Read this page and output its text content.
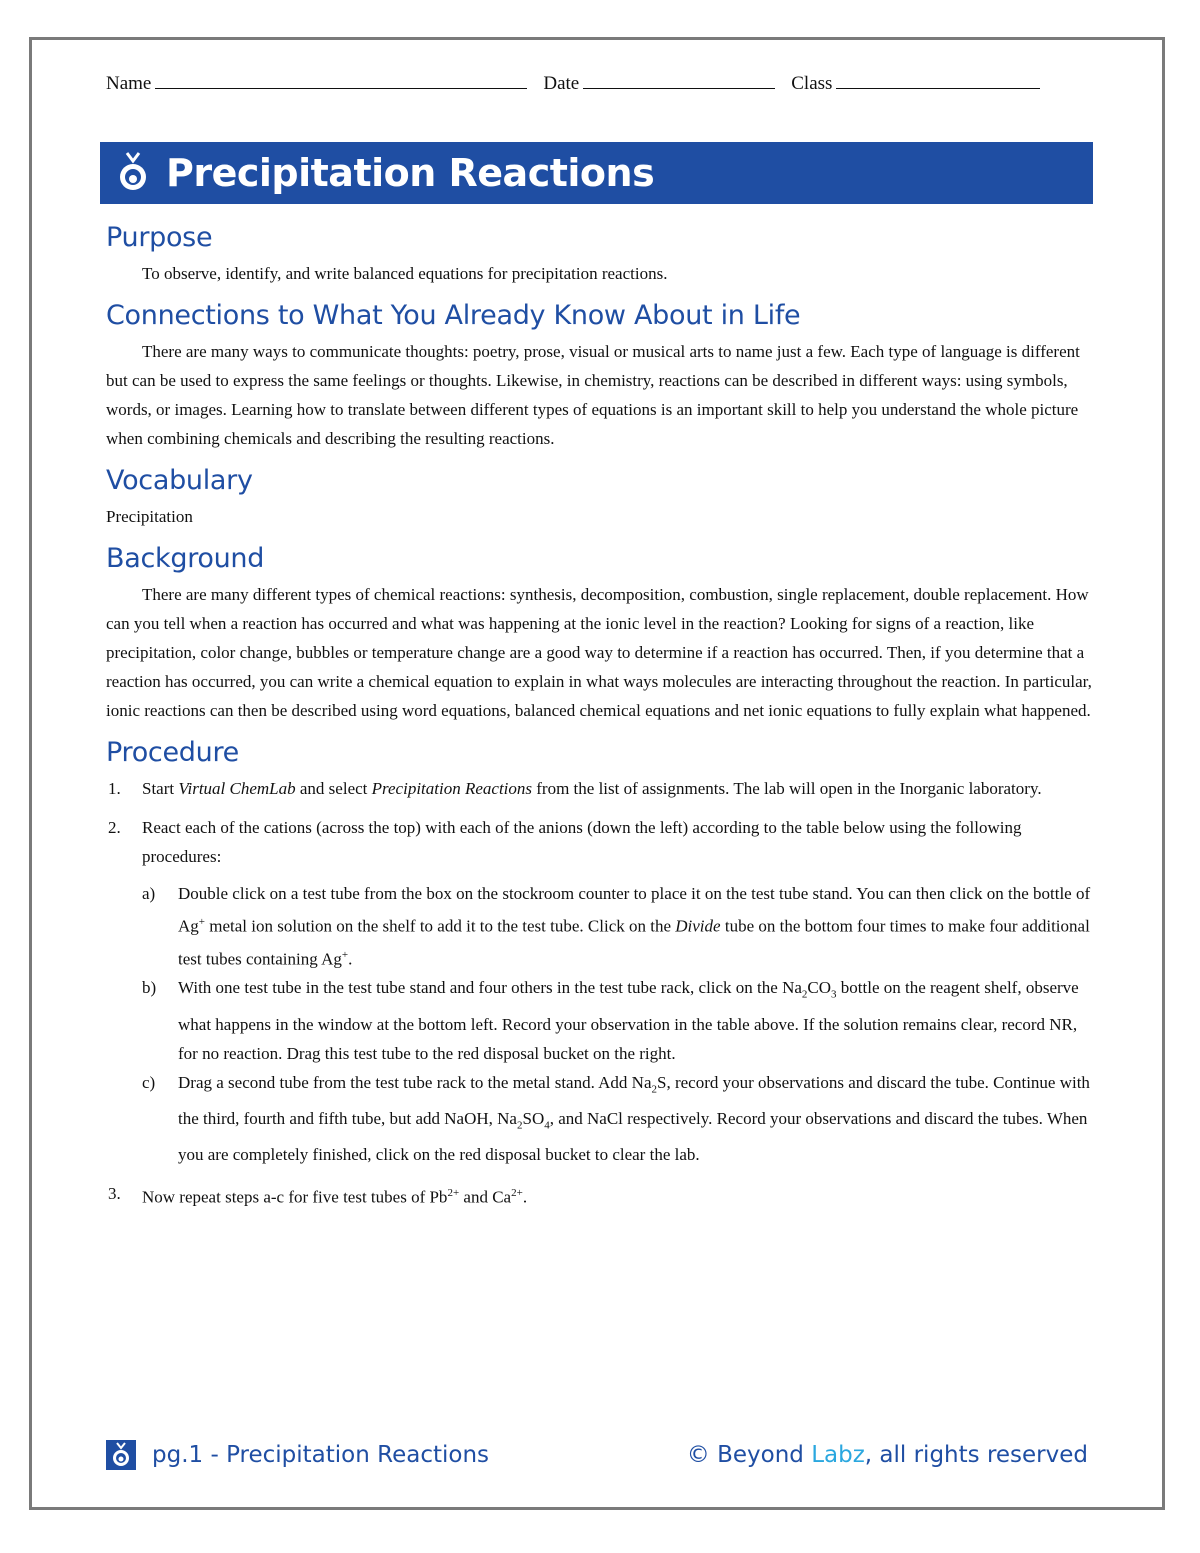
Name	Date	Class
Precipitation Reactions
Purpose

To observe, identify, and write balanced equations for precipitation reactions.

Connections to What You Already Know About in Life

There are many ways to communicate thoughts: poetry, prose, visual or musical arts to name just a few. Each type of language is different but can be used to express the same feelings or thoughts. Likewise, in chemistry, reactions can be described in different ways: using symbols, words, or images. Learning how to translate between different types of equations is an important skill to help you understand the whole picture when combining chemicals and describing the resulting reactions.

Vocabulary

Precipitation

Background

There are many different types of chemical reactions: synthesis, decomposition, combustion, single replacement, double replacement. How can you tell when a reaction has occurred and what was happening at the ionic level in the reaction? Looking for signs of a reaction, like precipitation, color change, bubbles or temperature change are a good way to determine if a reaction has occurred. Then, if you determine that a reaction has occurred, you can write a chemical equation to explain in what ways molecules are interacting throughout the reaction. In particular, ionic reactions can then be described using word equations, balanced chemical equations and net ionic equations to fully explain what happened.

Procedure
1. Start Virtual ChemLab and select Precipitation Reactions from the list of assignments. The lab will open in the Inorganic laboratory.
2. React each of the cations (across the top) with each of the anions (down the left) according to the table below using the following procedures:
a) Double click on a test tube from the box on the stockroom counter to place it on the test tube stand. You can then click on the bottle of Ag+ metal ion solution on the shelf to add it to the test tube. Click on the Divide tube on the bottom four times to make four additional test tubes containing Ag+.
b) With one test tube in the test tube stand and four others in the test tube rack, click on the $Na_2CO_3$ bottle on the reagent shelf, observe what happens in the window at the bottom left. Record your observation in the table above. If the solution remains clear, record NR, for no reaction. Drag this test tube to the red disposal bucket on the right.
c) Drag a second tube from the test tube rack to the metal stand. Add $Na_2S$, record your observations and discard the tube. Continue with the third, fourth and fifth tube, but add NaOH, $Na_2SO_4$, and NaCl respectively. Record your observations and discard the tubes. When you are completely finished, click on the red disposal bucket to clear the lab.
3. Now repeat steps a-c for five test tubes of $Pb^{2+}$ and $Ca^{2+}$.
pg.1 - Precipitation Reactions	© Beyond Labz, all rights reserved
